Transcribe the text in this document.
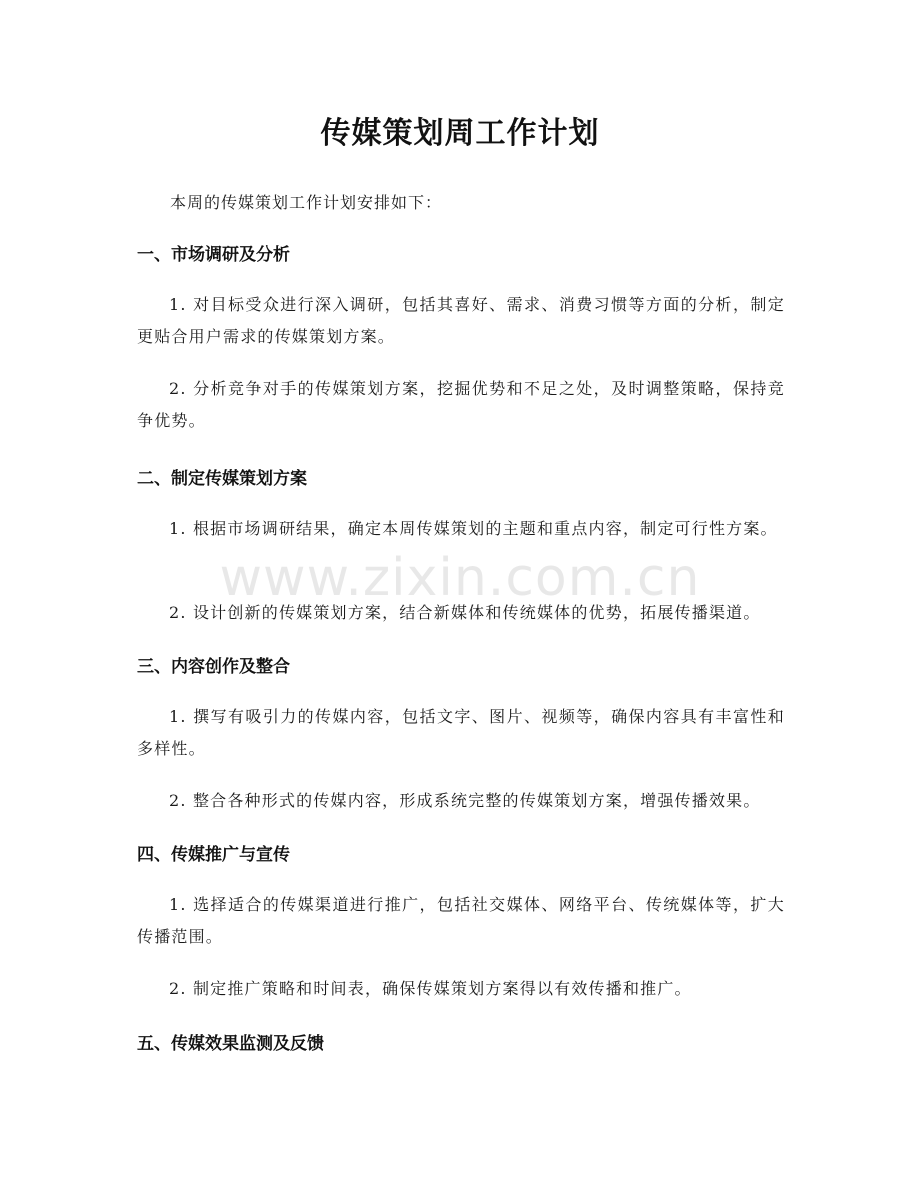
传媒策划周工作计划
本周的传媒策划工作计划安排如下：
一、市场调研及分析
1. 对目标受众进行深入调研，包括其喜好、需求、消费习惯等方面的分析，制定更贴合用户需求的传媒策划方案。
2. 分析竞争对手的传媒策划方案，挖掘优势和不足之处，及时调整策略，保持竞争优势。
二、制定传媒策划方案
1. 根据市场调研结果，确定本周传媒策划的主题和重点内容，制定可行性方案。
2. 设计创新的传媒策划方案，结合新媒体和传统媒体的优势，拓展传播渠道。
三、内容创作及整合
1. 撰写有吸引力的传媒内容，包括文字、图片、视频等，确保内容具有丰富性和多样性。
2. 整合各种形式的传媒内容，形成系统完整的传媒策划方案，增强传播效果。
四、传媒推广与宣传
1. 选择适合的传媒渠道进行推广，包括社交媒体、网络平台、传统媒体等，扩大传播范围。
2. 制定推广策略和时间表，确保传媒策划方案得以有效传播和推广。
五、传媒效果监测及反馈
www.zixin.com.cn
